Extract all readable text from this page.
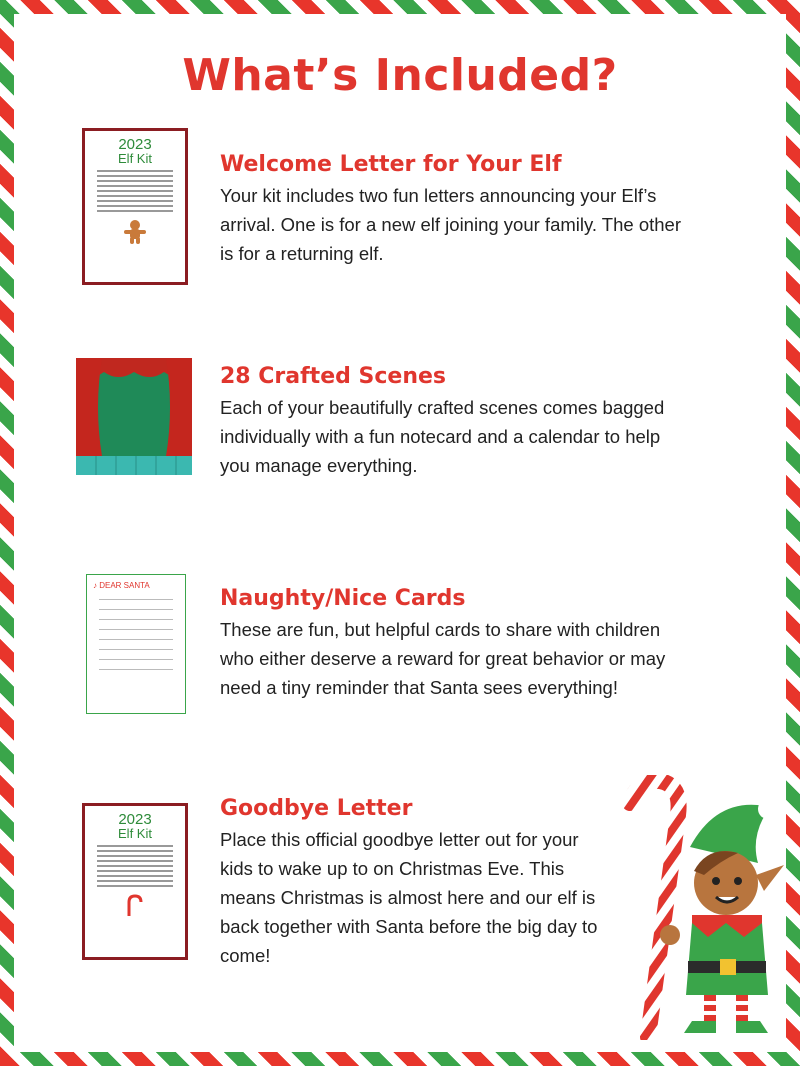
What’s Included?
2023
Elf Kit	Welcome Letter for Your Elf

Your kit includes two fun letters announcing your Elf’s arrival. One is for a new elf joining your family. The other is for a returning elf.

28 Crafted Scenes

Each of your beautifully crafted scenes comes bagged individually with a fun notecard and a calendar to help you manage everything.

♪ DEAR SANTA
Naughty/Nice Cards

These are fun, but helpful cards to share with children who either deserve a reward for great behavior or may need a tiny reminder that Santa sees everything!

2023
Elf Kit
Goodbye Letter

Place this official goodbye letter out for your kids to wake up to on Christmas Eve. This means Christmas is almost here and our elf is back together with Santa before the big day to come!
